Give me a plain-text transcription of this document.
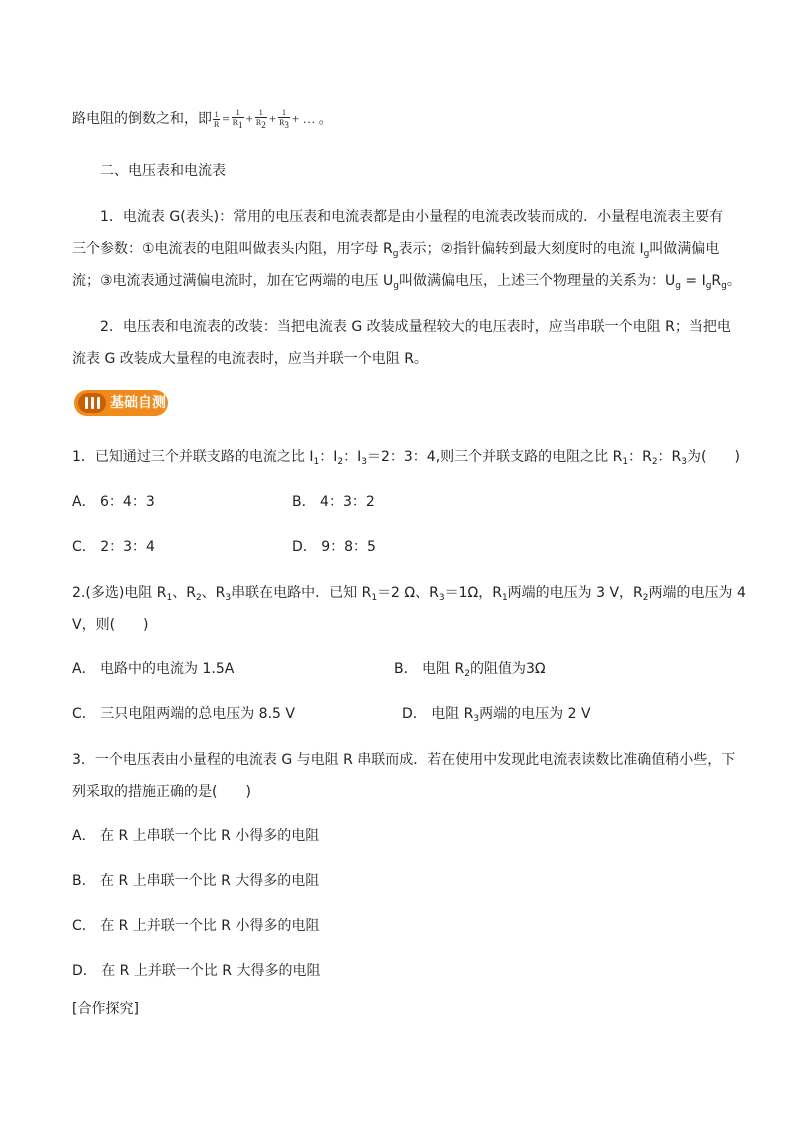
路电阻的倒数之和，即 $\frac{1}{R} = \frac{1}{R_1} + \frac{1}{R_2} + \frac{1}{R_3}$ + … 。
二、电压表和电流表
1．电流表 G(表头)：常用的电压表和电流表都是由小量程的电流表改装而成的．小量程电流表主要有
三个参数：①电流表的电阻叫做表头内阻，用字母 $R_g$表示；②指针偏转到最大刻度时的电流 $I_g$叫做满偏电
流；③电流表通过满偏电流时，加在它两端的电压 $U_g$叫做满偏电压，上述三个物理量的关系为：$U_g = I_gR_g$。
2．电压表和电流表的改装：当把电流表 G 改装成量程较大的电压表时，应当串联一个电阻 R；当把电
流表 G 改装成大量程的电流表时，应当并联一个电阻 R。
基础自测
1．已知通过三个并联支路的电流之比 $I_1$：$I_2$：$I_3=2$：3：4,则三个并联支路的电阻之比 $R_1$：$R_2$：$R_3$为(　　)
A． 6：4：3	B． 4：3：2
C． 2：3：4	D． 9：8：5
2.(多选)电阻 $R_1$、$R_2$、$R_3$串联在电路中．已知 $R_1=2$ Ω、$R_3=1\Omega$，$R_1$两端的电压为 3 V，$R_2$两端的电压为 4
V，则(　　)
A． 电路中的电流为 1.5A	B． 电阻 $R_2$的阻值为3Ω
C． 三只电阻两端的总电压为 8.5 V	D． 电阻 $R_3$两端的电压为 2 V
3．一个电压表由小量程的电流表 G 与电阻 R 串联而成．若在使用中发现此电流表读数比准确值稍小些，下
列采取的措施正确的是(　　)
A． 在 R 上串联一个比 R 小得多的电阻
B． 在 R 上串联一个比 R 大得多的电阻
C． 在 R 上并联一个比 R 小得多的电阻
D． 在 R 上并联一个比 R 大得多的电阻
[合作探究]
